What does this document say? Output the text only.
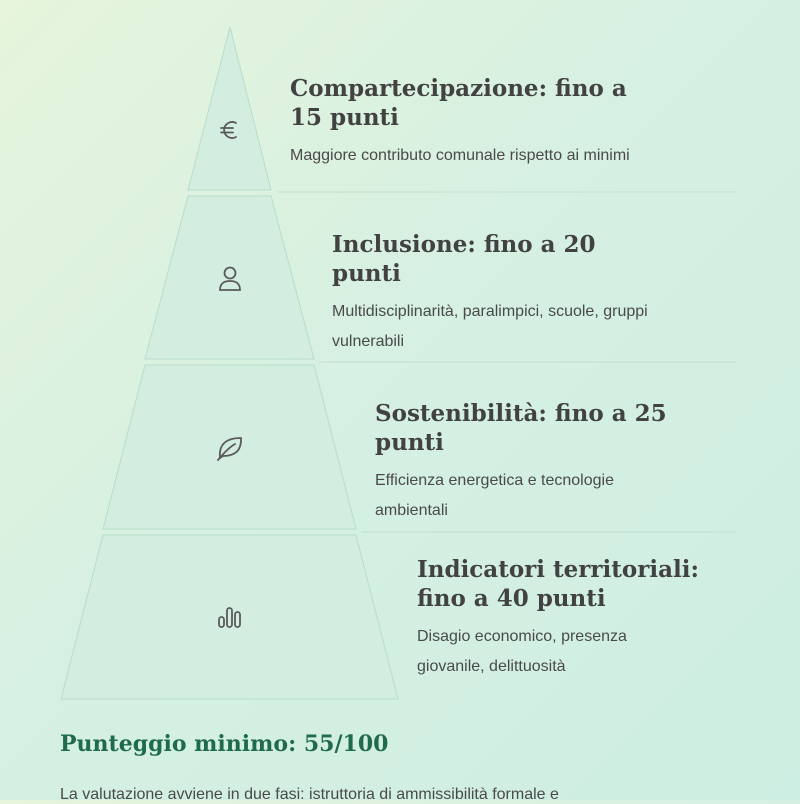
Compartecipazione: fino a 15 punti

Maggiore contributo comunale rispetto ai minimi

Inclusione: fino a 20 punti

Multidisciplinarità, paralimpici, scuole, gruppi vulnerabili

Sostenibilità: fino a 25 punti

Efficienza energetica e tecnologie ambientali

Indicatori territoriali: fino a 40 punti

Disagio economico, presenza giovanile, delittuosità

Punteggio minimo: 55/100

La valutazione avviene in due fasi: istruttoria di ammissibilità formale e
